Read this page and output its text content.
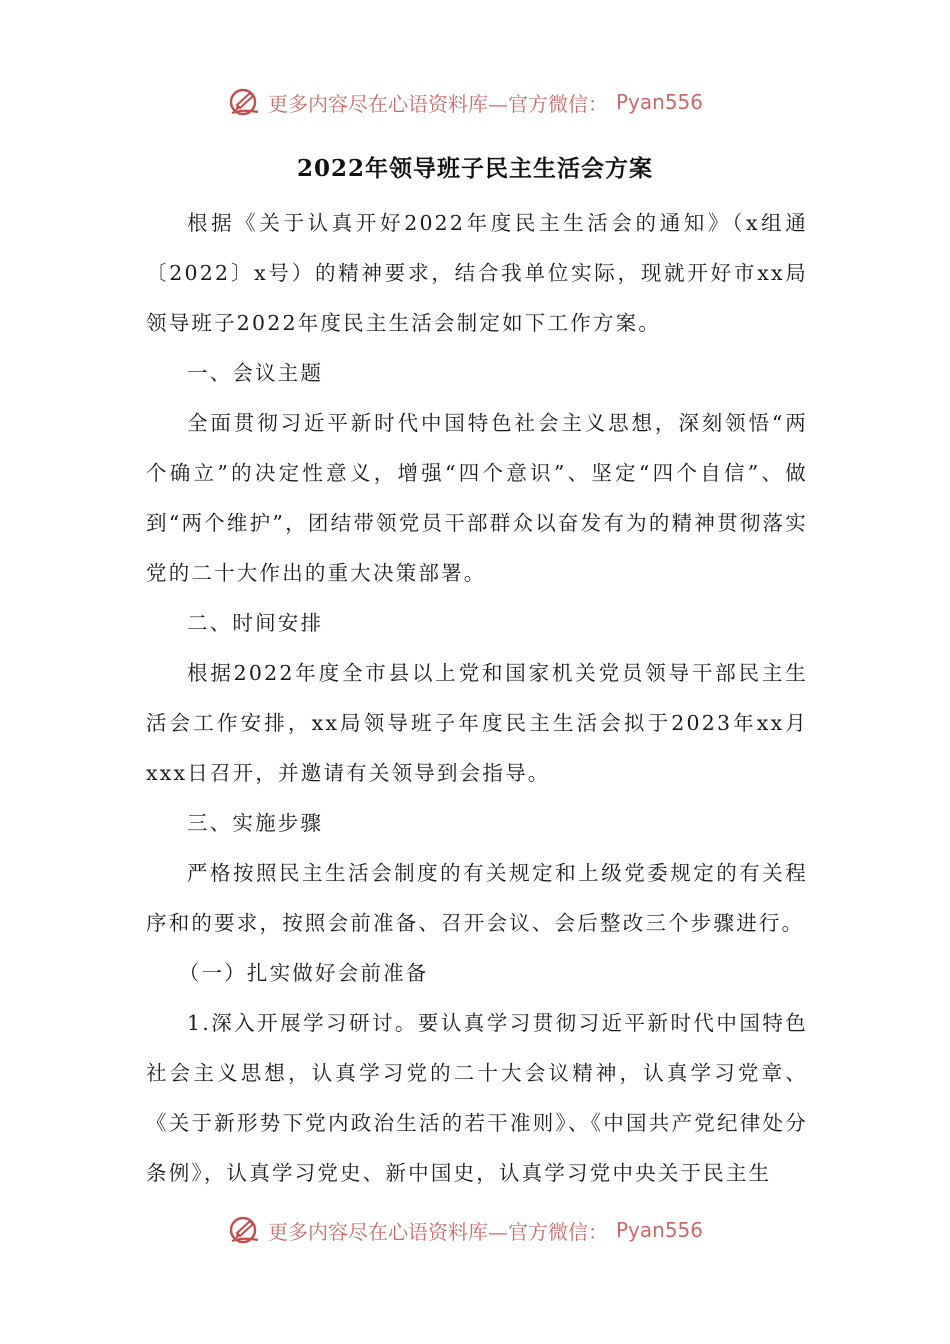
更多内容尽在心语资料库—官方微信： Pyan556
2022年领导班子民主生活会方案

根据《关于认真开好2022年度民主生活会的通知》（x组通〔2022〕x号）的精神要求，结合我单位实际，现就开好市xx局领导班子2022年度民主生活会制定如下工作方案。

一、会议主题

全面贯彻习近平新时代中国特色社会主义思想，深刻领悟“两个确立”的决定性意义，增强“四个意识”、坚定“四个自信”、做到“两个维护”，团结带领党员干部群众以奋发有为的精神贯彻落实党的二十大作出的重大决策部署。

二、时间安排

根据2022年度全市县以上党和国家机关党员领导干部民主生活会工作安排，xx局领导班子年度民主生活会拟于2023年xx月xxx日召开，并邀请有关领导到会指导。

三、实施步骤

严格按照民主生活会制度的有关规定和上级党委规定的有关程序和的要求，按照会前准备、召开会议、会后整改三个步骤进行。

（一）扎实做好会前准备

1.深入开展学习研讨。要认真学习贯彻习近平新时代中国特色社会主义思想，认真学习党的二十大会议精神，认真学习党章、《关于新形势下党内政治生活的若干准则》、《中国共产党纪律处分条例》，认真学习党史、新中国史，认真学习党中央关于民主生

更多内容尽在心语资料库—官方微信： Pyan556
